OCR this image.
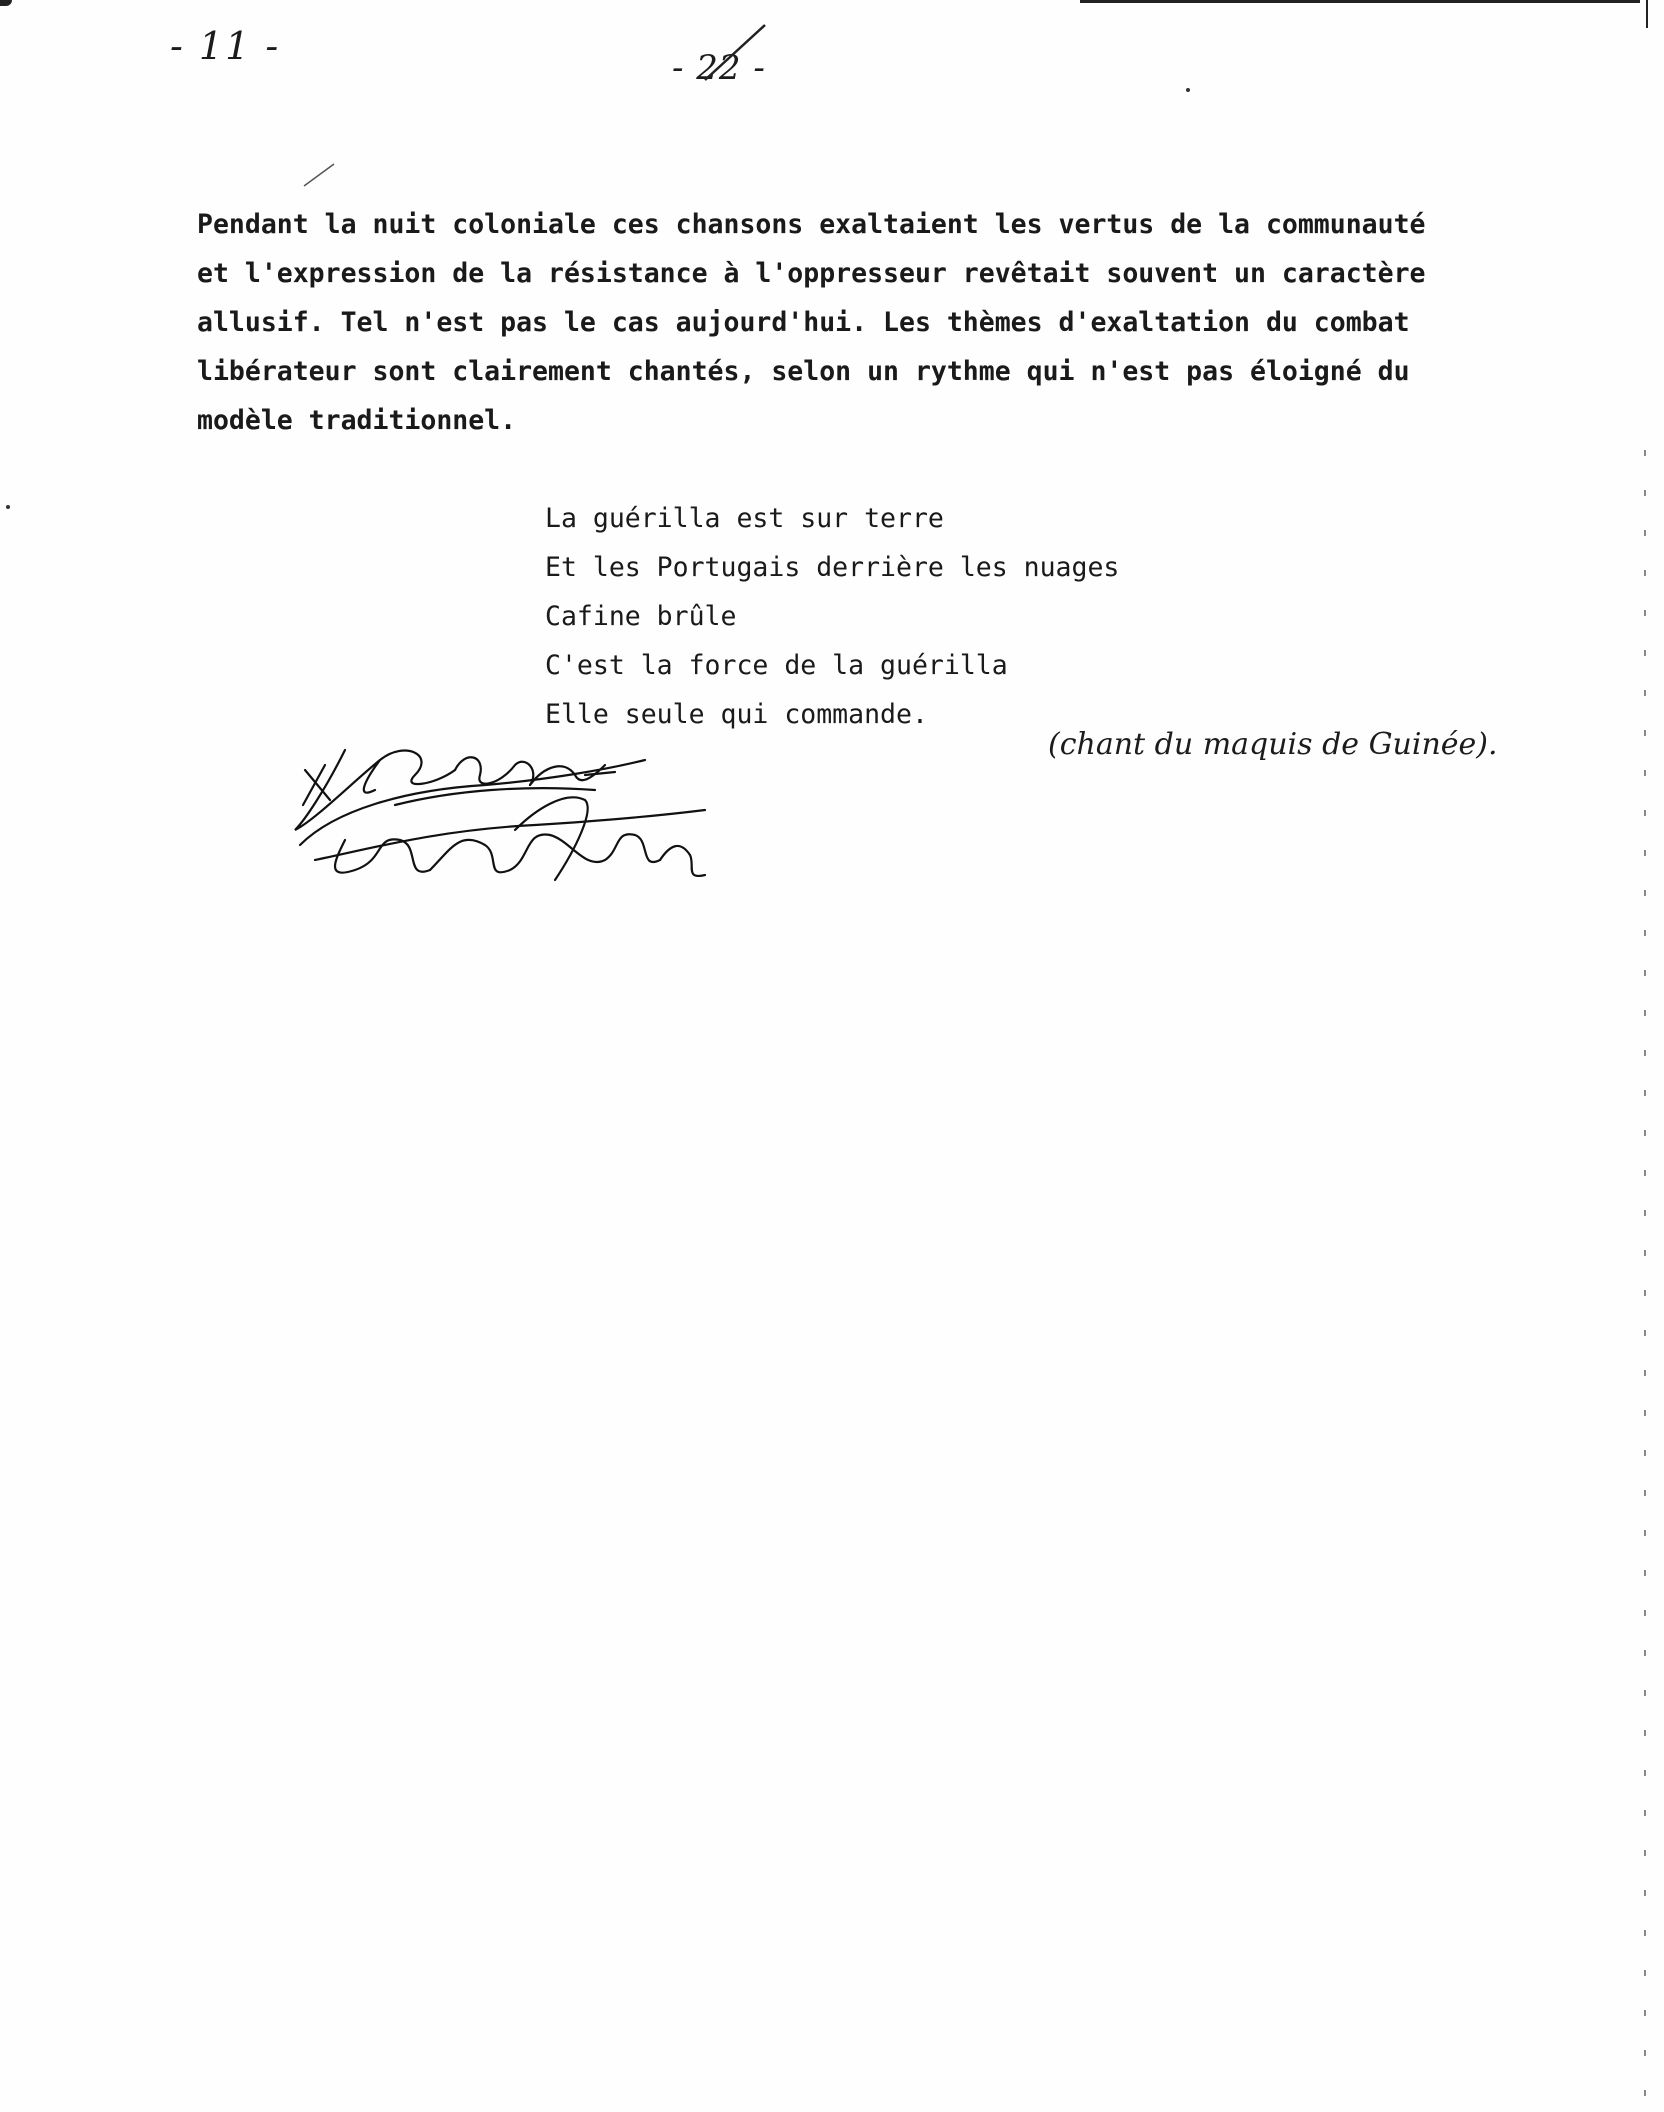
- 11 -	- 22 -

Pendant la nuit coloniale ces chansons exaltaient les vertus de la communauté
et l'expression de la résistance à l'oppresseur revêtait souvent un caractère
allusif. Tel n'est pas le cas aujourd'hui. Les thèmes d'exaltation du combat
libérateur sont clairement chantés, selon un rythme qui n'est pas éloigné du
modèle traditionnel.

La guérilla est sur terre
Et les Portugais derrière les nuages
Cafine brûle
C'est la force de la guérilla
Elle seule qui commande.
(chant du maquis de Guinée).
